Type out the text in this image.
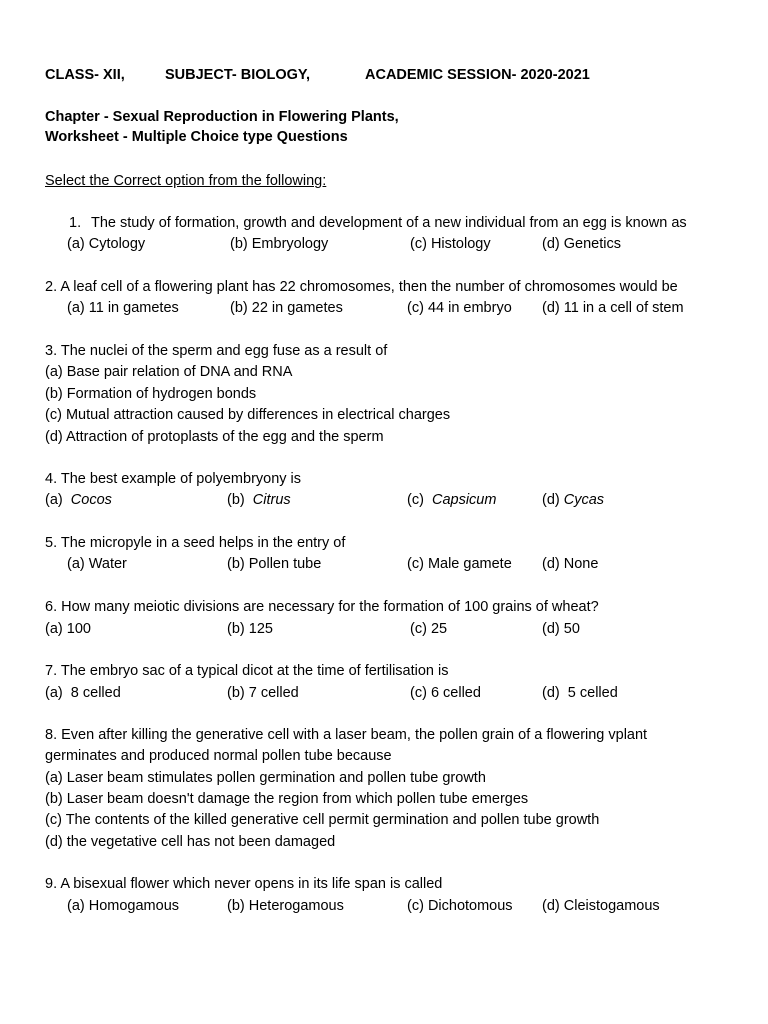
CLASS- XII,	SUBJECT- BIOLOGY,	ACADEMIC SESSION- 2020-2021
Chapter - Sexual Reproduction in Flowering Plants,
Worksheet - Multiple Choice type Questions
Select the Correct option from the following:
1. The study of formation, growth and development of a new individual from an egg is known as
(a) Cytology	(b) Embryology	(c) Histology	(d) Genetics
2. A leaf cell of a flowering plant has 22 chromosomes, then the number of chromosomes would be
(a) 11 in gametes	(b) 22 in gametes	(c) 44 in embryo (d) 11 in a cell of stem
3. The nuclei of the sperm and egg fuse as a result of
(a) Base pair relation of DNA and RNA
(b) Formation of hydrogen bonds
(c) Mutual attraction caused by differences in electrical charges
(d) Attraction of protoplasts of the egg and the sperm
4. The best example of polyembryony is
(a)  Cocos	(b)  Citrus	(c)  Capsicum	(d) Cycas
5. The micropyle in a seed helps in the entry of
(a) Water	(b) Pollen tube	(c) Male gamete (d) None
6. How many meiotic divisions are necessary for the formation of 100 grains of wheat?
(a) 100	(b) 125	(c) 25	(d) 50
7. The embryo sac of a typical dicot at the time of fertilisation is
(a)  8 celled	(b) 7 celled	(c) 6 celled	(d)  5 celled
8. Even after killing the generative cell with a laser beam, the pollen grain of a flowering vplant
germinates and produced normal pollen tube because
(a) Laser beam stimulates pollen germination and pollen tube growth
(b) Laser beam doesn't damage the region from which pollen tube emerges
(c) The contents of the killed generative cell permit germination and pollen tube growth
(d) the vegetative cell has not been damaged
9. A bisexual flower which never opens in its life span is called
(a) Homogamous	(b) Heterogamous	(c) Dichotomous (d) Cleistogamous
